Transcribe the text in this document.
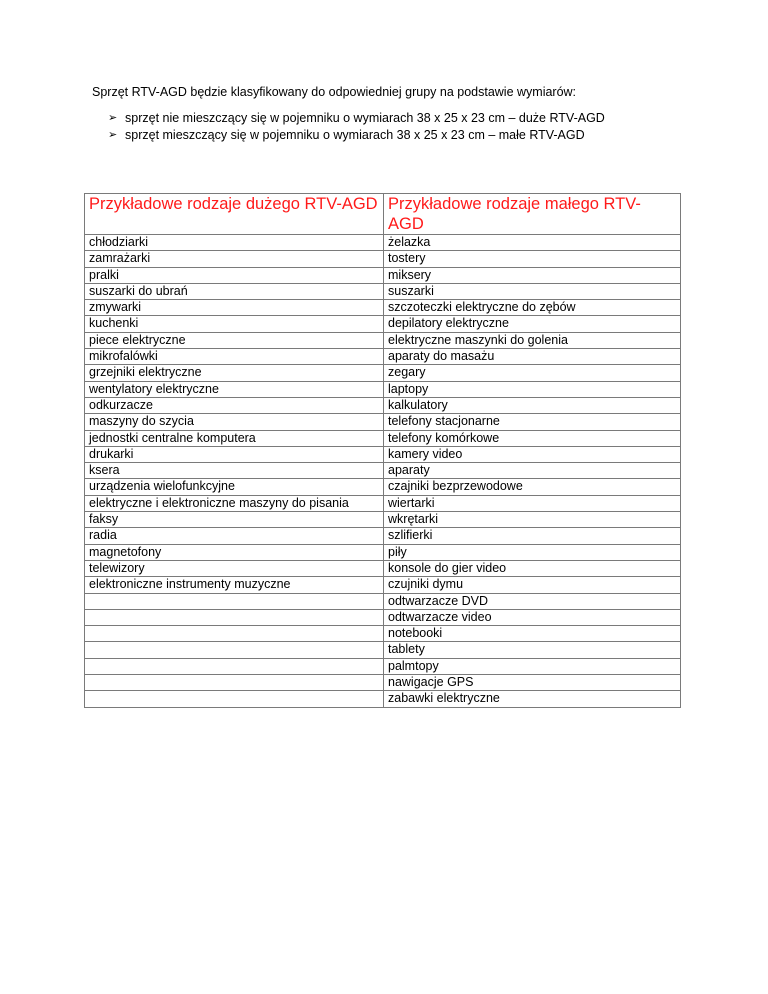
Sprzęt RTV-AGD będzie klasyfikowany do odpowiedniej grupy na podstawie wymiarów:

➢ sprzęt nie mieszczący się w pojemniku o wymiarach 38 x 25 x 23 cm – duże RTV-AGD
➢ sprzęt mieszczący się w pojemniku o wymiarach 38 x 25 x 23 cm – małe RTV-AGD
Przykładowe rodzaje dużego RTV-AGD	Przykładowe rodzaje małego RTV-AGD
chłodziarki	żelazka
zamrażarki	tostery
pralki	miksery
suszarki do ubrań	suszarki
zmywarki	szczoteczki elektryczne do zębów
kuchenki	depilatory elektryczne
piece elektryczne	elektryczne maszynki do golenia
mikrofalówki	aparaty do masażu
grzejniki elektryczne	zegary
wentylatory elektryczne	laptopy
odkurzacze	kalkulatory
maszyny do szycia	telefony stacjonarne
jednostki centralne komputera	telefony komórkowe
drukarki	kamery video
ksera	aparaty
urządzenia wielofunkcyjne	czajniki bezprzewodowe
elektryczne i elektroniczne maszyny do pisania	wiertarki
faksy	wkrętarki
radia	szlifierki
magnetofony	piły
telewizory	konsole do gier video
elektroniczne instrumenty muzyczne	czujniki dymu
	odtwarzacze DVD
	odtwarzacze video
	notebooki
	tablety
	palmtopy
	nawigacje GPS
	zabawki elektryczne
